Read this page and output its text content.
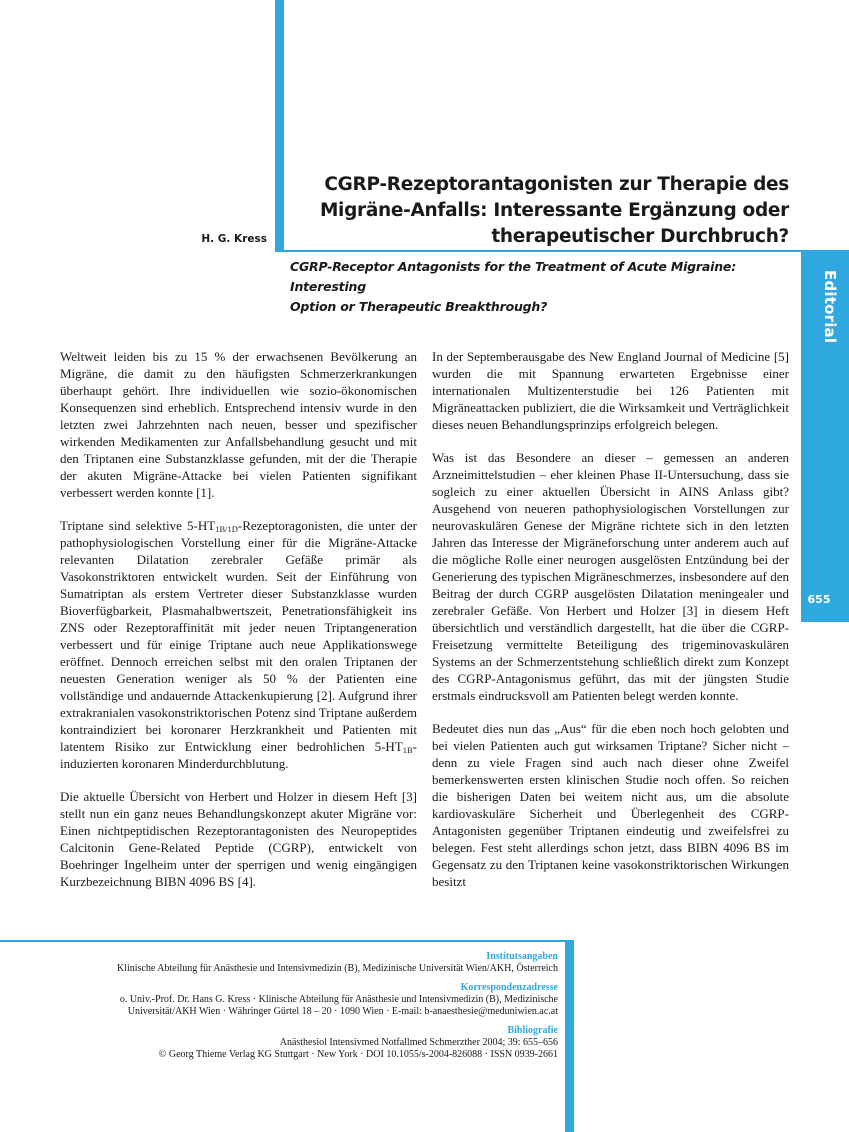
Editorial
655
CGRP-Rezeptorantagonisten zur Therapie des
Migräne-Anfalls: Interessante Ergänzung oder
therapeutischer Durchbruch?
H. G. Kress
CGRP-Receptor Antagonists for the Treatment of Acute Migraine: Interesting
Option or Therapeutic Breakthrough?

Weltweit leiden bis zu 15 % der erwachsenen Bevölkerung an Migräne, die damit zu den häufigsten Schmerzerkrankungen überhaupt gehört. Ihre individuellen wie sozio-ökonomischen Konsequenzen sind erheblich. Entsprechend intensiv wurde in den letzten zwei Jahrzehnten nach neuen, besser und spezifischer wirkenden Medikamenten zur Anfallsbehandlung gesucht und mit den Triptanen eine Substanzklasse gefunden, mit der die Therapie der akuten Migräne-Attacke bei vielen Patienten signifikant verbessert werden konnte [1].

Triptane sind selektive $5-HT_{1B/1D}$-Rezeptoragonisten, die unter der pathophysiologischen Vorstellung einer für die Migräne-Attacke relevanten Dilatation zerebraler Gefäße primär als Vasokonstriktoren entwickelt wurden. Seit der Einführung von Sumatriptan als erstem Vertreter dieser Substanzklasse wurden Bioverfügbarkeit, Plasmahalbwertszeit, Penetrationsfähigkeit ins ZNS oder Rezeptoraffinität mit jeder neuen Triptangeneration verbessert und für einige Triptane auch neue Applikationswege eröffnet. Dennoch erreichen selbst mit den oralen Triptanen der neuesten Generation weniger als 50 % der Patienten eine vollständige und andauernde Attackenkupierung [2]. Aufgrund ihrer extrakranialen vasokonstriktorischen Potenz sind Triptane außerdem kontraindiziert bei koronarer Herzkrankheit und Patienten mit latentem Risiko zur Entwicklung einer bedrohlichen $5-HT_{1B}$-induzierten koronaren Minderdurchblutung.

Die aktuelle Übersicht von Herbert und Holzer in diesem Heft [3] stellt nun ein ganz neues Behandlungskonzept akuter Migräne vor: Einen nichtpeptidischen Rezeptorantagonisten des Neuropeptides Calcitonin Gene-Related Peptide (CGRP), entwickelt von Boehringer Ingelheim unter der sperrigen und wenig eingängigen Kurzbezeichnung BIBN 4096 BS [4].

In der Septemberausgabe des New England Journal of Medicine [5] wurden die mit Spannung erwarteten Ergebnisse einer internationalen Multizenterstudie bei 126 Patienten mit Migräneattacken publiziert, die die Wirksamkeit und Verträglichkeit dieses neuen Behandlungsprinzips erfolgreich belegen.

Was ist das Besondere an dieser – gemessen an anderen Arzneimittelstudien – eher kleinen Phase II-Untersuchung, dass sie sogleich zu einer aktuellen Übersicht in AINS Anlass gibt? Ausgehend von neueren pathophysiologischen Vorstellungen zur neurovaskulären Genese der Migräne richtete sich in den letzten Jahren das Interesse der Migräneforschung unter anderem auch auf die mögliche Rolle einer neurogen ausgelösten Entzündung bei der Generierung des typischen Migräneschmerzes, insbesondere auf den Beitrag der durch CGRP ausgelösten Dilatation meningealer und zerebraler Gefäße. Von Herbert und Holzer [3] in diesem Heft übersichtlich und verständlich dargestellt, hat die über die CGRP-Freisetzung vermittelte Beteiligung des trigeminovaskulären Systems an der Schmerzentstehung schließlich direkt zum Konzept des CGRP-Antagonismus geführt, das mit der jüngsten Studie erstmals eindrucksvoll am Patienten belegt werden konnte.

Bedeutet dies nun das „Aus“ für die eben noch hoch gelobten und bei vielen Patienten auch gut wirksamen Triptane? Sicher nicht – denn zu viele Fragen sind auch nach dieser ohne Zweifel bemerkenswerten ersten klinischen Studie noch offen. So reichen die bisherigen Daten bei weitem nicht aus, um die absolute kardiovaskuläre Sicherheit und Überlegenheit des CGRP-Antagonisten gegenüber Triptanen eindeutig und zweifelsfrei zu belegen. Fest steht allerdings schon jetzt, dass BIBN 4096 BS im Gegensatz zu den Triptanen keine vasokonstriktorischen Wirkungen besitzt

Institutsangaben
Klinische Abteilung für Anästhesie und Intensivmedizin (B), Medizinische Universität Wien/AKH, Österreich
Korrespondenzadresse
o. Univ.-Prof. Dr. Hans G. Kress · Klinische Abteilung für Anästhesie und Intensivmedizin (B), Medizinische
Universität/AKH Wien · Währinger Gürtel 18 – 20 · 1090 Wien · E-mail: b-anaesthesie@meduniwien.ac.at
Bibliografie
Anästhesiol Intensivmed Notfallmed Schmerzther 2004; 39: 655–656
© Georg Thieme Verlag KG Stuttgart · New York · DOI 10.1055/s-2004-826088 · ISSN 0939-2661
